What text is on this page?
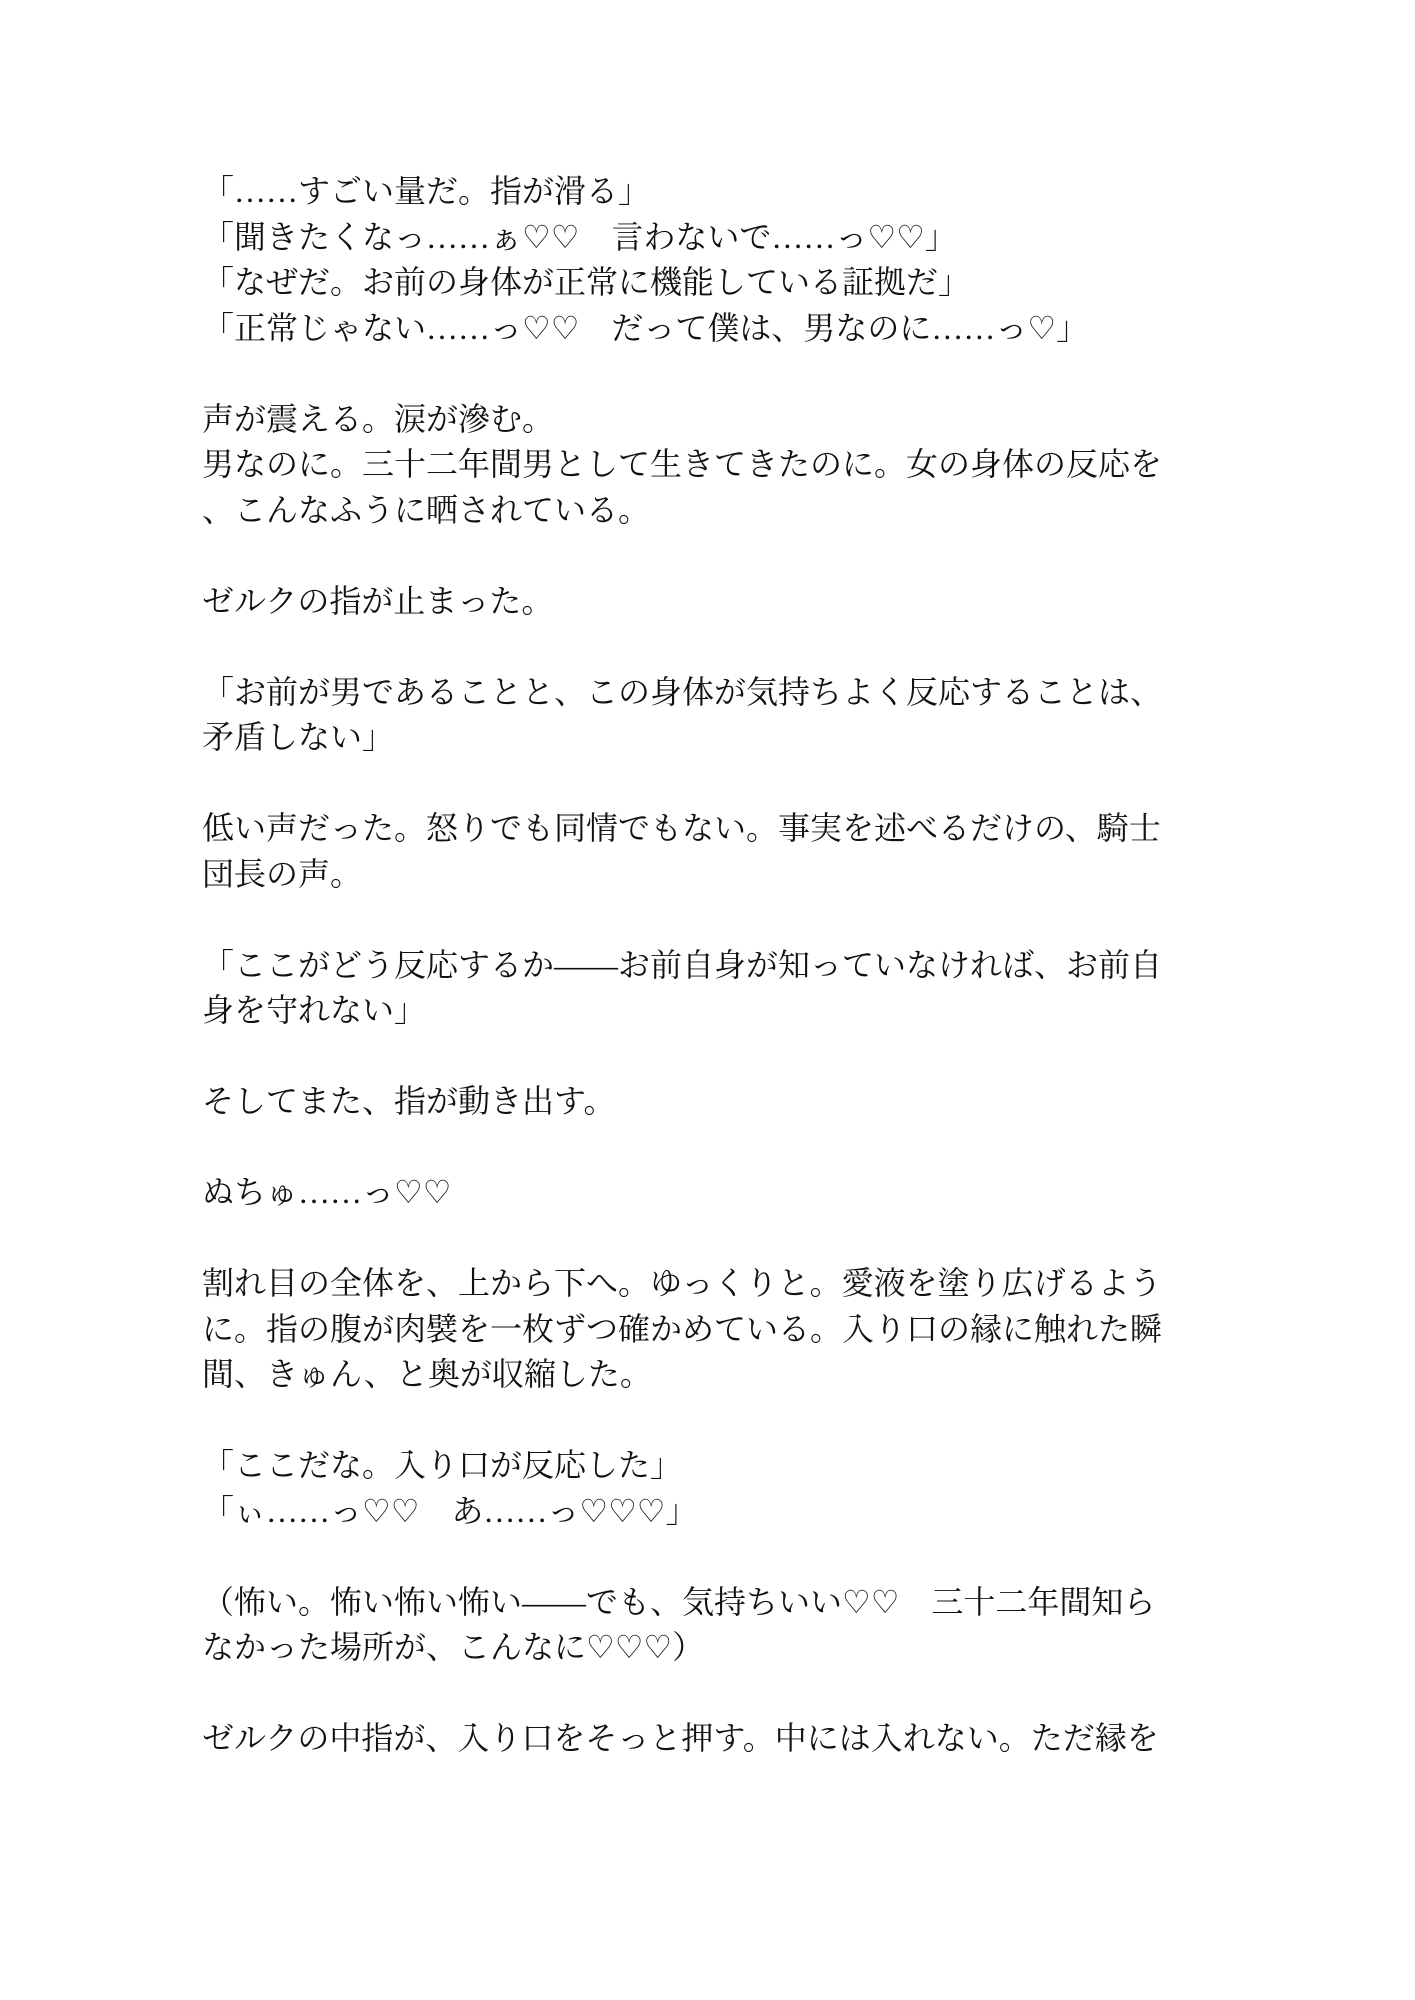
「……すごい量だ。指が滑る」
「聞きたくなっ……ぁ♡♡　言わないで……っ♡♡」
「なぜだ。お前の身体が正常に機能している証拠だ」
「正常じゃない……っ♡♡　だって僕は、男なのに……っ♡」
声が震える。涙が滲む。
男なのに。三十二年間男として生きてきたのに。女の身体の反応を
、こんなふうに晒されている。
ゼルクの指が止まった。
「お前が男であることと、この身体が気持ちよく反応することは、
矛盾しない」
低い声だった。怒りでも同情でもない。事実を述べるだけの、騎士
団長の声。
「ここがどう反応するか――お前自身が知っていなければ、お前自
身を守れない」
そしてまた、指が動き出す。
ぬちゅ……っ♡♡
割れ目の全体を、上から下へ。ゆっくりと。愛液を塗り広げるよう
に。指の腹が肉襞を一枚ずつ確かめている。入り口の縁に触れた瞬
間、きゅん、と奥が収縮した。
「ここだな。入り口が反応した」
「ぃ……っ♡♡　あ……っ♡♡♡」
（怖い。怖い怖い怖い――でも、気持ちいい♡♡　三十二年間知ら
なかった場所が、こんなに♡♡♡）
ゼルクの中指が、入り口をそっと押す。中には入れない。ただ縁を
